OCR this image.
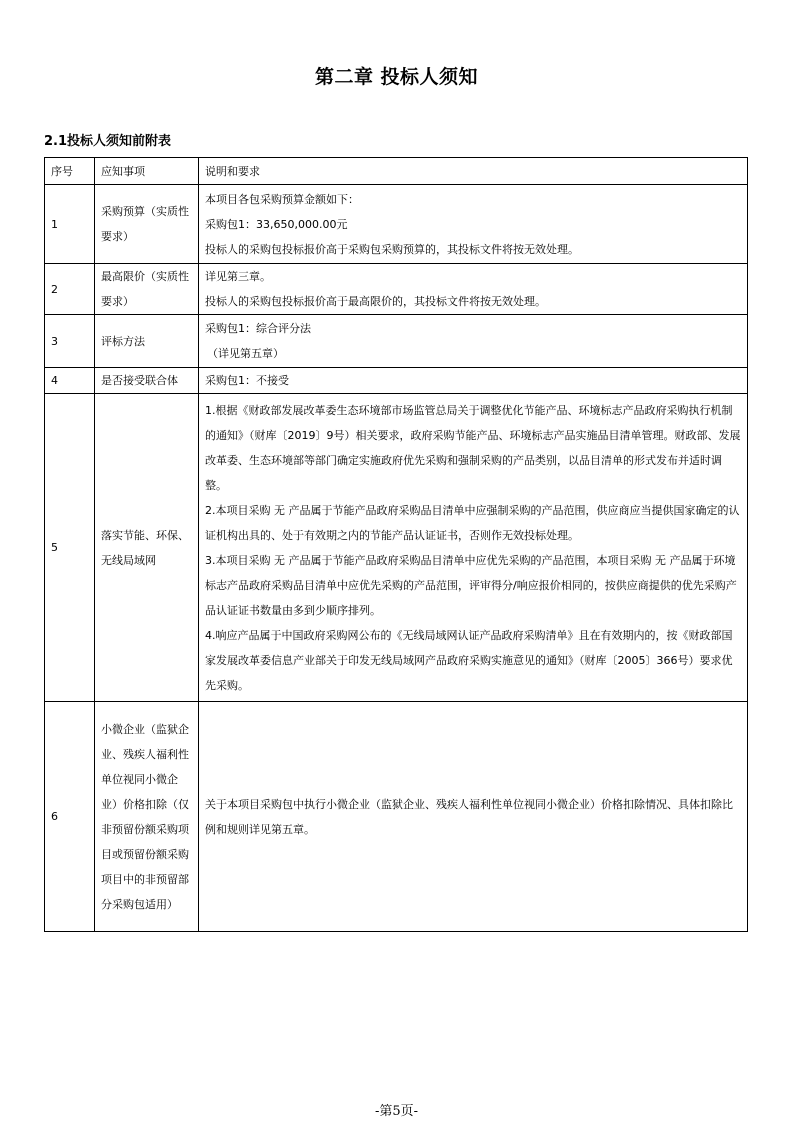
第二章 投标人须知
2.1投标人须知前附表
序号	应知事项	说明和要求
1	采购预算（实质性要求）	本项目各包采购预算金额如下：

采购包1：33,650,000.00元

投标人的采购包投标报价高于采购包采购预算的，其投标文件将按无效处理。

2	最高限价（实质性要求）	详见第三章。

投标人的采购包投标报价高于最高限价的，其投标文件将按无效处理。

3	评标方法	采购包1：综合评分法

（详见第五章）

4	是否接受联合体	采购包1：不接受

5	落实节能、环保、无线局域网	1.根据《财政部发展改革委生态环境部市场监管总局关于调整优化节能产品、环境标志产品政府采购执行机制的通知》（财库〔2019〕9号）相关要求，政府采购节能产品、环境标志产品实施品目清单管理。财政部、发展改革委、生态环境部等部门确定实施政府优先采购和强制采购的产品类别，以品目清单的形式发布并适时调整。

2.本项目采购 无 产品属于节能产品政府采购品目清单中应强制采购的产品范围，供应商应当提供国家确定的认证机构出具的、处于有效期之内的节能产品认证证书，否则作无效投标处理。

3.本项目采购 无 产品属于节能产品政府采购品目清单中应优先采购的产品范围，本项目采购 无 产品属于环境标志产品政府采购品目清单中应优先采购的产品范围，评审得分/响应报价相同的，按供应商提供的优先采购产品认证证书数量由多到少顺序排列。

4.响应产品属于中国政府采购网公布的《无线局域网认证产品政府采购清单》且在有效期内的，按《财政部国家发展改革委信息产业部关于印发无线局域网产品政府采购实施意见的通知》（财库〔2005〕366号）要求优先采购。

6	小微企业（监狱企业、残疾人福利性单位视同小微企业）价格扣除（仅非预留份额采购项目或预留份额采购项目中的非预留部分采购包适用）	关于本项目采购包中执行小微企业（监狱企业、残疾人福利性单位视同小微企业）价格扣除情况、具体扣除比例和规则详见第五章。

-第5页-
